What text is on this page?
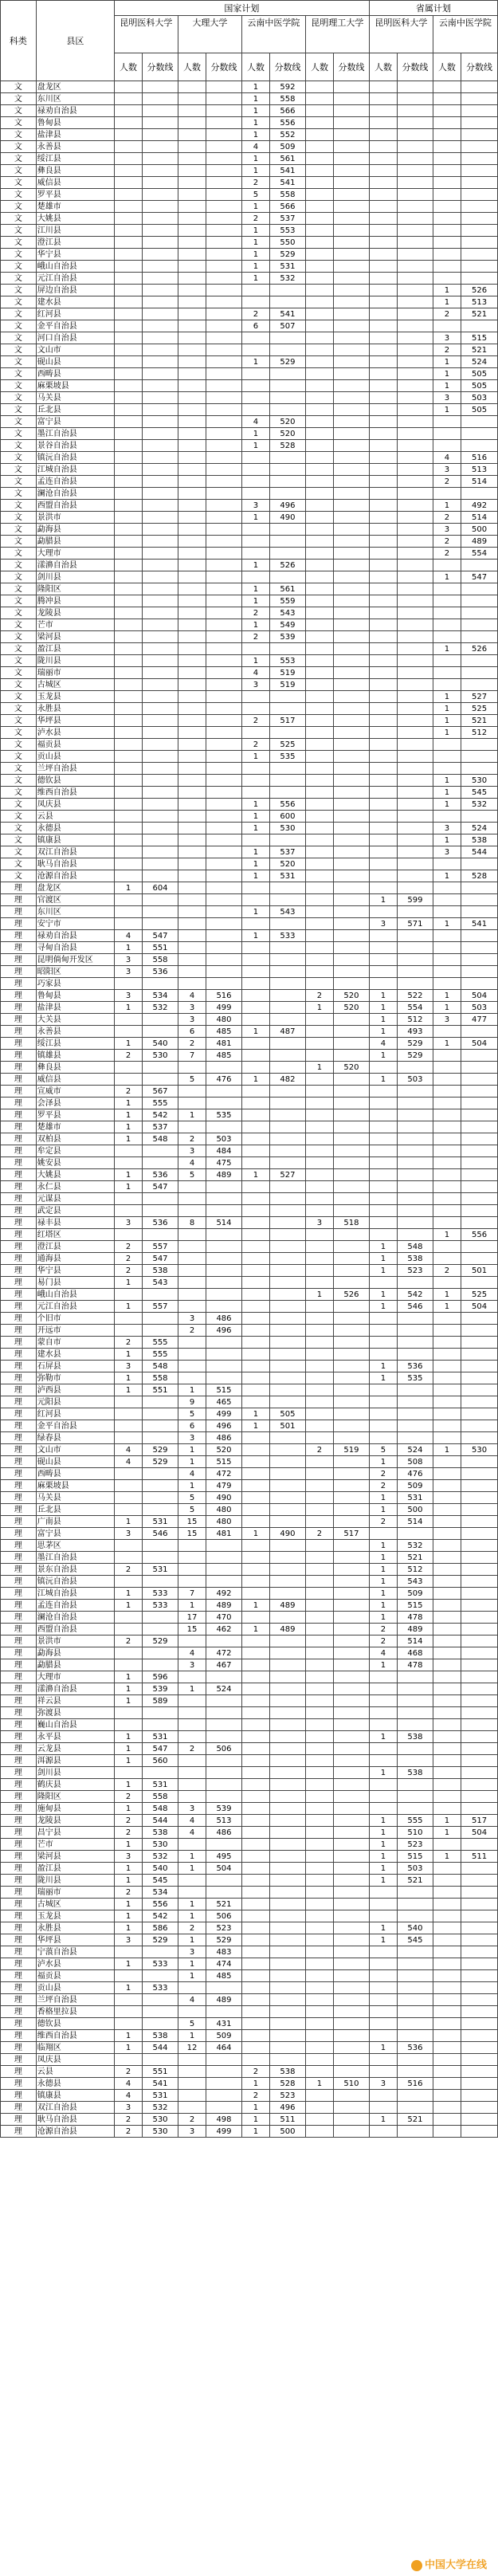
科类	县区	国家计划								省属计划			
		昆明医科大学		大理大学		云南中医学院		昆明理工大学		昆明医科大学		云南中医学院	
		人数	分数线	人数	分数线	人数	分数线	人数	分数线	人数	分数线	人数	分数线
文	盘龙区					1	592						
文	东川区					1	558						
文	禄劝自治县					1	566						
文	鲁甸县					1	556						
文	盐津县					1	552						
文	永善县					4	509						
文	绥江县					1	561						
文	彝良县					1	541						
文	威信县					2	541						
文	罗平县					5	558						
文	楚雄市					1	566						
文	大姚县					2	537						
文	江川县					1	553						
文	澄江县					1	550						
文	华宁县					1	529						
文	峨山自治县					1	531						
文	元江自治县					1	532						
文	屏边自治县											1	526
文	建水县											1	513
文	红河县					2	541					2	521
文	金平自治县					6	507						
文	河口自治县											3	515
文	文山市											2	521
文	砚山县					1	529					1	524
文	西畴县											1	505
文	麻栗坡县											1	505
文	马关县											3	503
文	丘北县											1	505
文	富宁县					4	520						
文	墨江自治县					1	520						
文	景谷自治县					1	528						
文	镇沅自治县											4	516
文	江城自治县											3	513
文	孟连自治县											2	514
文	澜沧自治县												
文	西盟自治县					3	496					1	492
文	景洪市					1	490					2	514
文	勐海县											3	500
文	勐腊县											2	489
文	大理市											2	554
文	漾濞自治县					1	526						
文	剑川县											1	547
文	隆阳区					1	561						
文	腾冲县					1	559						
文	龙陵县					2	543						
文	芒市					1	549						
文	梁河县					2	539						
文	盈江县											1	526
文	陇川县					1	553						
文	瑞丽市					4	519						
文	古城区					3	519						
文	玉龙县											1	527
文	永胜县											1	525
文	华坪县					2	517					1	521
文	泸水县											1	512
文	福贡县					2	525						
文	贡山县					1	535						
文	兰坪自治县												
文	德钦县											1	530
文	维西自治县											1	545
文	凤庆县					1	556					1	532
文	云县					1	600						
文	永德县					1	530					3	524
文	镇康县											1	538
文	双江自治县					1	537					3	544
文	耿马自治县					1	520						
文	沧源自治县					1	531					1	528
理	盘龙区	1	604										
理	官渡区									1	599		
理	东川区					1	543						
理	安宁市									3	571	1	541
理	禄劝自治县	4	547			1	533						
理	寻甸自治县	1	551										
理	昆明倘甸开发区	3	558										
理	昭阳区	3	536										
理	巧家县												
理	鲁甸县	3	534	4	516			2	520	1	522	1	504
理	盐津县	1	532	3	499			1	520	1	554	1	503
理	大关县			3	480					1	512	3	477
理	永善县			6	485	1	487			1	493		
理	绥江县	1	540	2	481					4	529	1	504
理	镇雄县	2	530	7	485					1	529		
理	彝良县							1	520				
理	威信县			5	476	1	482			1	503		
理	宣威市	2	567										
理	会泽县	1	555										
理	罗平县	1	542	1	535								
理	楚雄市	1	537										
理	双柏县	1	548	2	503								
理	牟定县			3	484								
理	姚安县			4	475								
理	大姚县	1	536	5	489	1	527						
理	永仁县	1	547										
理	元谋县												
理	武定县												
理	禄丰县	3	536	8	514			3	518				
理	红塔区											1	556
理	澄江县	2	557							1	548		
理	通海县	2	547							1	538		
理	华宁县	2	538							1	523	2	501
理	易门县	1	543										
理	峨山自治县							1	526	1	542	1	525
理	元江自治县	1	557							1	546	1	504
理	个旧市			3	486								
理	开远市			2	496								
理	蒙自市	2	555										
理	建水县	1	555										
理	石屏县	3	548							1	536		
理	弥勒市	1	558							1	535		
理	泸西县	1	551	1	515								
理	元阳县			9	465								
理	红河县			5	499	1	505						
理	金平自治县			6	496	1	501						
理	绿春县			3	486								
理	文山市	4	529	1	520			2	519	5	524	1	530
理	砚山县	4	529	1	515					1	508		
理	西畴县			4	472					2	476		
理	麻栗坡县			1	479					2	509		
理	马关县			5	490					1	531		
理	丘北县			5	480					1	500		
理	广南县	1	531	15	480					2	514		
理	富宁县	3	546	15	481	1	490	2	517				
理	思茅区									1	532		
理	墨江自治县									1	521		
理	景东自治县	2	531							1	512		
理	镇沅自治县									1	543		
理	江城自治县	1	533	7	492					1	509		
理	孟连自治县	1	533	1	489	1	489			1	515		
理	澜沧自治县			17	470					1	478		
理	西盟自治县			15	462	1	489			2	489		
理	景洪市	2	529							2	514		
理	勐海县			4	472					4	468		
理	勐腊县			3	467					1	478		
理	大理市	1	596										
理	漾濞自治县	1	539	1	524								
理	祥云县	1	589										
理	弥渡县												
理	巍山自治县												
理	永平县	1	531							1	538		
理	云龙县	1	547	2	506								
理	洱源县	1	560										
理	剑川县									1	538		
理	鹤庆县	1	531										
理	隆阳区	2	558										
理	施甸县	1	548	3	539								
理	龙陵县	2	544	4	513					1	555	1	517
理	昌宁县	2	538	4	486					1	510	1	504
理	芒市	1	530							1	523		
理	梁河县	3	532	1	495					1	515	1	511
理	盈江县	1	540	1	504					1	503		
理	陇川县	1	545							1	521		
理	瑞丽市	2	534										
理	古城区	1	556	1	521								
理	玉龙县	1	542	1	506								
理	永胜县	1	586	2	523					1	540		
理	华坪县	3	529	1	529					1	545		
理	宁蒗自治县			3	483								
理	泸水县	1	533	1	474								
理	福贡县			1	485								
理	贡山县	1	533										
理	兰坪自治县			4	489								
理	香格里拉县												
理	德钦县			5	431								
理	维西自治县	1	538	1	509								
理	临翔区	1	544	12	464					1	536		
理	凤庆县												
理	云县	2	551			2	538						
理	永德县	4	541			1	528	1	510	3	516		
理	镇康县	4	531			2	523						
理	双江自治县	3	532			1	496						
理	耿马自治县	2	530	2	498	1	511			1	521		
理	沧源自治县	2	530	3	499	1	500						
中国大学在线
